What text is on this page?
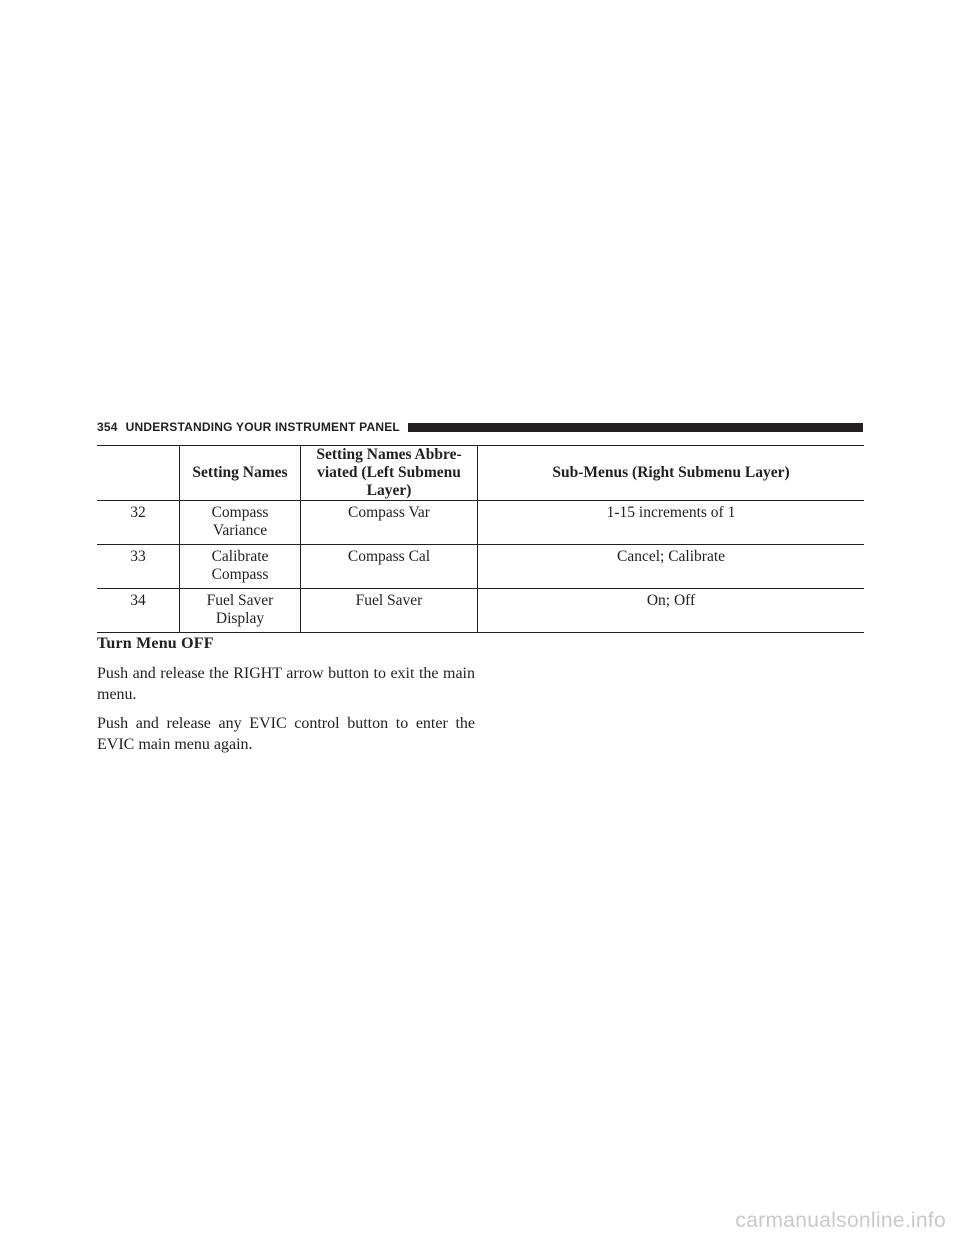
354 UNDERSTANDING YOUR INSTRUMENT PANEL
	Setting Names	Setting Names Abbre-viated (Left Submenu Layer)	Sub-Menus (Right Submenu Layer)
32	Compass Variance	Compass Var	1-15 increments of 1
33	Calibrate Compass	Compass Cal	Cancel; Calibrate
34	Fuel Saver Display	Fuel Saver	On; Off

Turn Menu OFF

Push and release the RIGHT arrow button to exit the main menu.

Push and release any EVIC control button to enter the EVIC main menu again.

carmanualsonline.info
